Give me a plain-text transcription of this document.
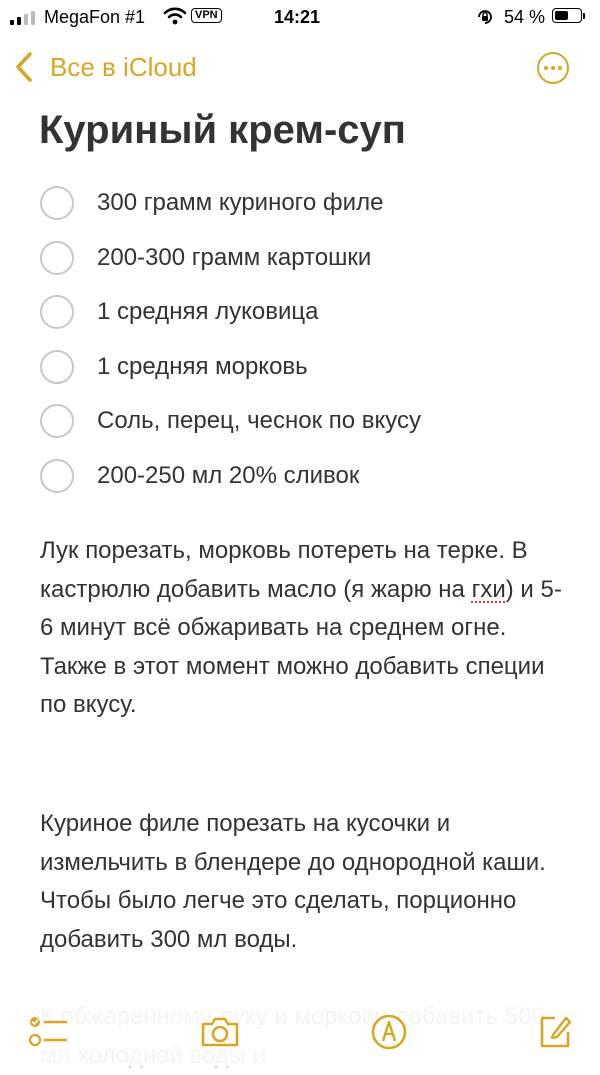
MegaFon #1	VPN	14:21	54 %
Все в iCloud
Куриный крем-суп
300 грамм куриного филе
200-300 грамм картошки
1 средняя луковица
1 средняя морковь
Соль, перец, чеснок по вкусу
200-250 мл 20% сливок
Лук порезать, морковь потереть на терке. В кастрюлю добавить масло (я жарю на гхи) и 5-6 минут всё обжаривать на среднем огне. Также в этот момент можно добавить специи по вкусу.
Куриное филе порезать на кусочки и измельчить в блендере до однородной каши. Чтобы было легче это сделать, порционно добавить 300 мл воды.
